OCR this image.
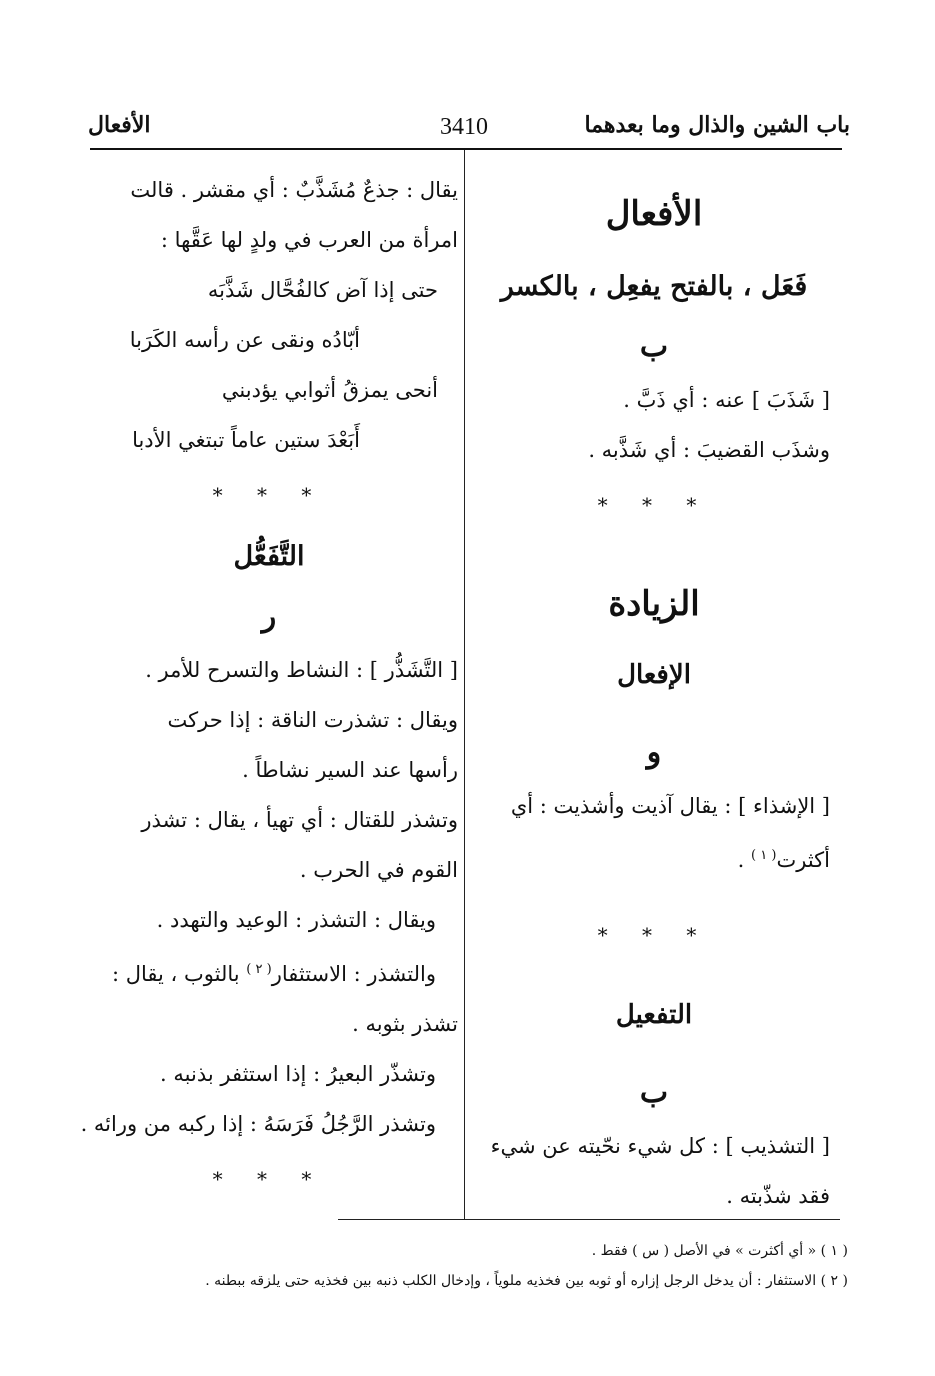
باب الشين والذال وما بعدهما
3410
الأفعال
الأفعال
فَعَل ، بالفتح يفعِل ، بالكسر
ب

[ شَذَبَ ] عنه : أي ذَبَّ .

وشذَب القضيبَ : أي شَذَّبه .

* * *
الزيادة
الإفعال
و

[ الإشذاء ] : يقال آذيت وأشذيت : أي

أكثرت$^{( ١ )}$ .

* * *
التفعيل
ب

[ التشذيب ] : كل شيء نحّيته عن شيء

فقد شذّبته .

يقال : جذعٌ مُشَذَّبٌ : أي مقشر . قالت

امرأة من العرب في ولدٍ لها عَقَّها :

حتى إذا آض كالفُحَّال شَذَّبَه

أبّادُه ونقى عن رأسه الكَرَبا

أنحى يمزقُ أثوابي يؤدبني

أَبَعْدَ ستين عاماً تبتغي الأدبا

* * *
التَّفَعُّل
ر

[ التَّشَذُّر ] : النشاط والتسرح للأمر .

ويقال : تشذرت الناقة : إذا حركت

رأسها عند السير نشاطاً .

وتشذر للقتال : أي تهيأ ، يقال : تشذر

القوم في الحرب .

ويقال : التشذر : الوعيد والتهدد .

والتشذر : الاستثفار$^{( ٢ )}$ بالثوب ، يقال :

تشذر بثوبه .

وتشذّر البعيرُ : إذا استثفر بذنبه .

وتشذر الرَّجُلُ فَرَسَهُ : إذا ركبه من ورائه .

* * *
( ١ ) « أي أكثرت » في الأصل ( س ) فقط .
( ٢ ) الاستثفار : أن يدخل الرجل إزاره أو ثوبه بين فخذيه ملوياً ، وإدخال الكلب ذنبه بين فخذيه حتى يلزقه ببطنه .
